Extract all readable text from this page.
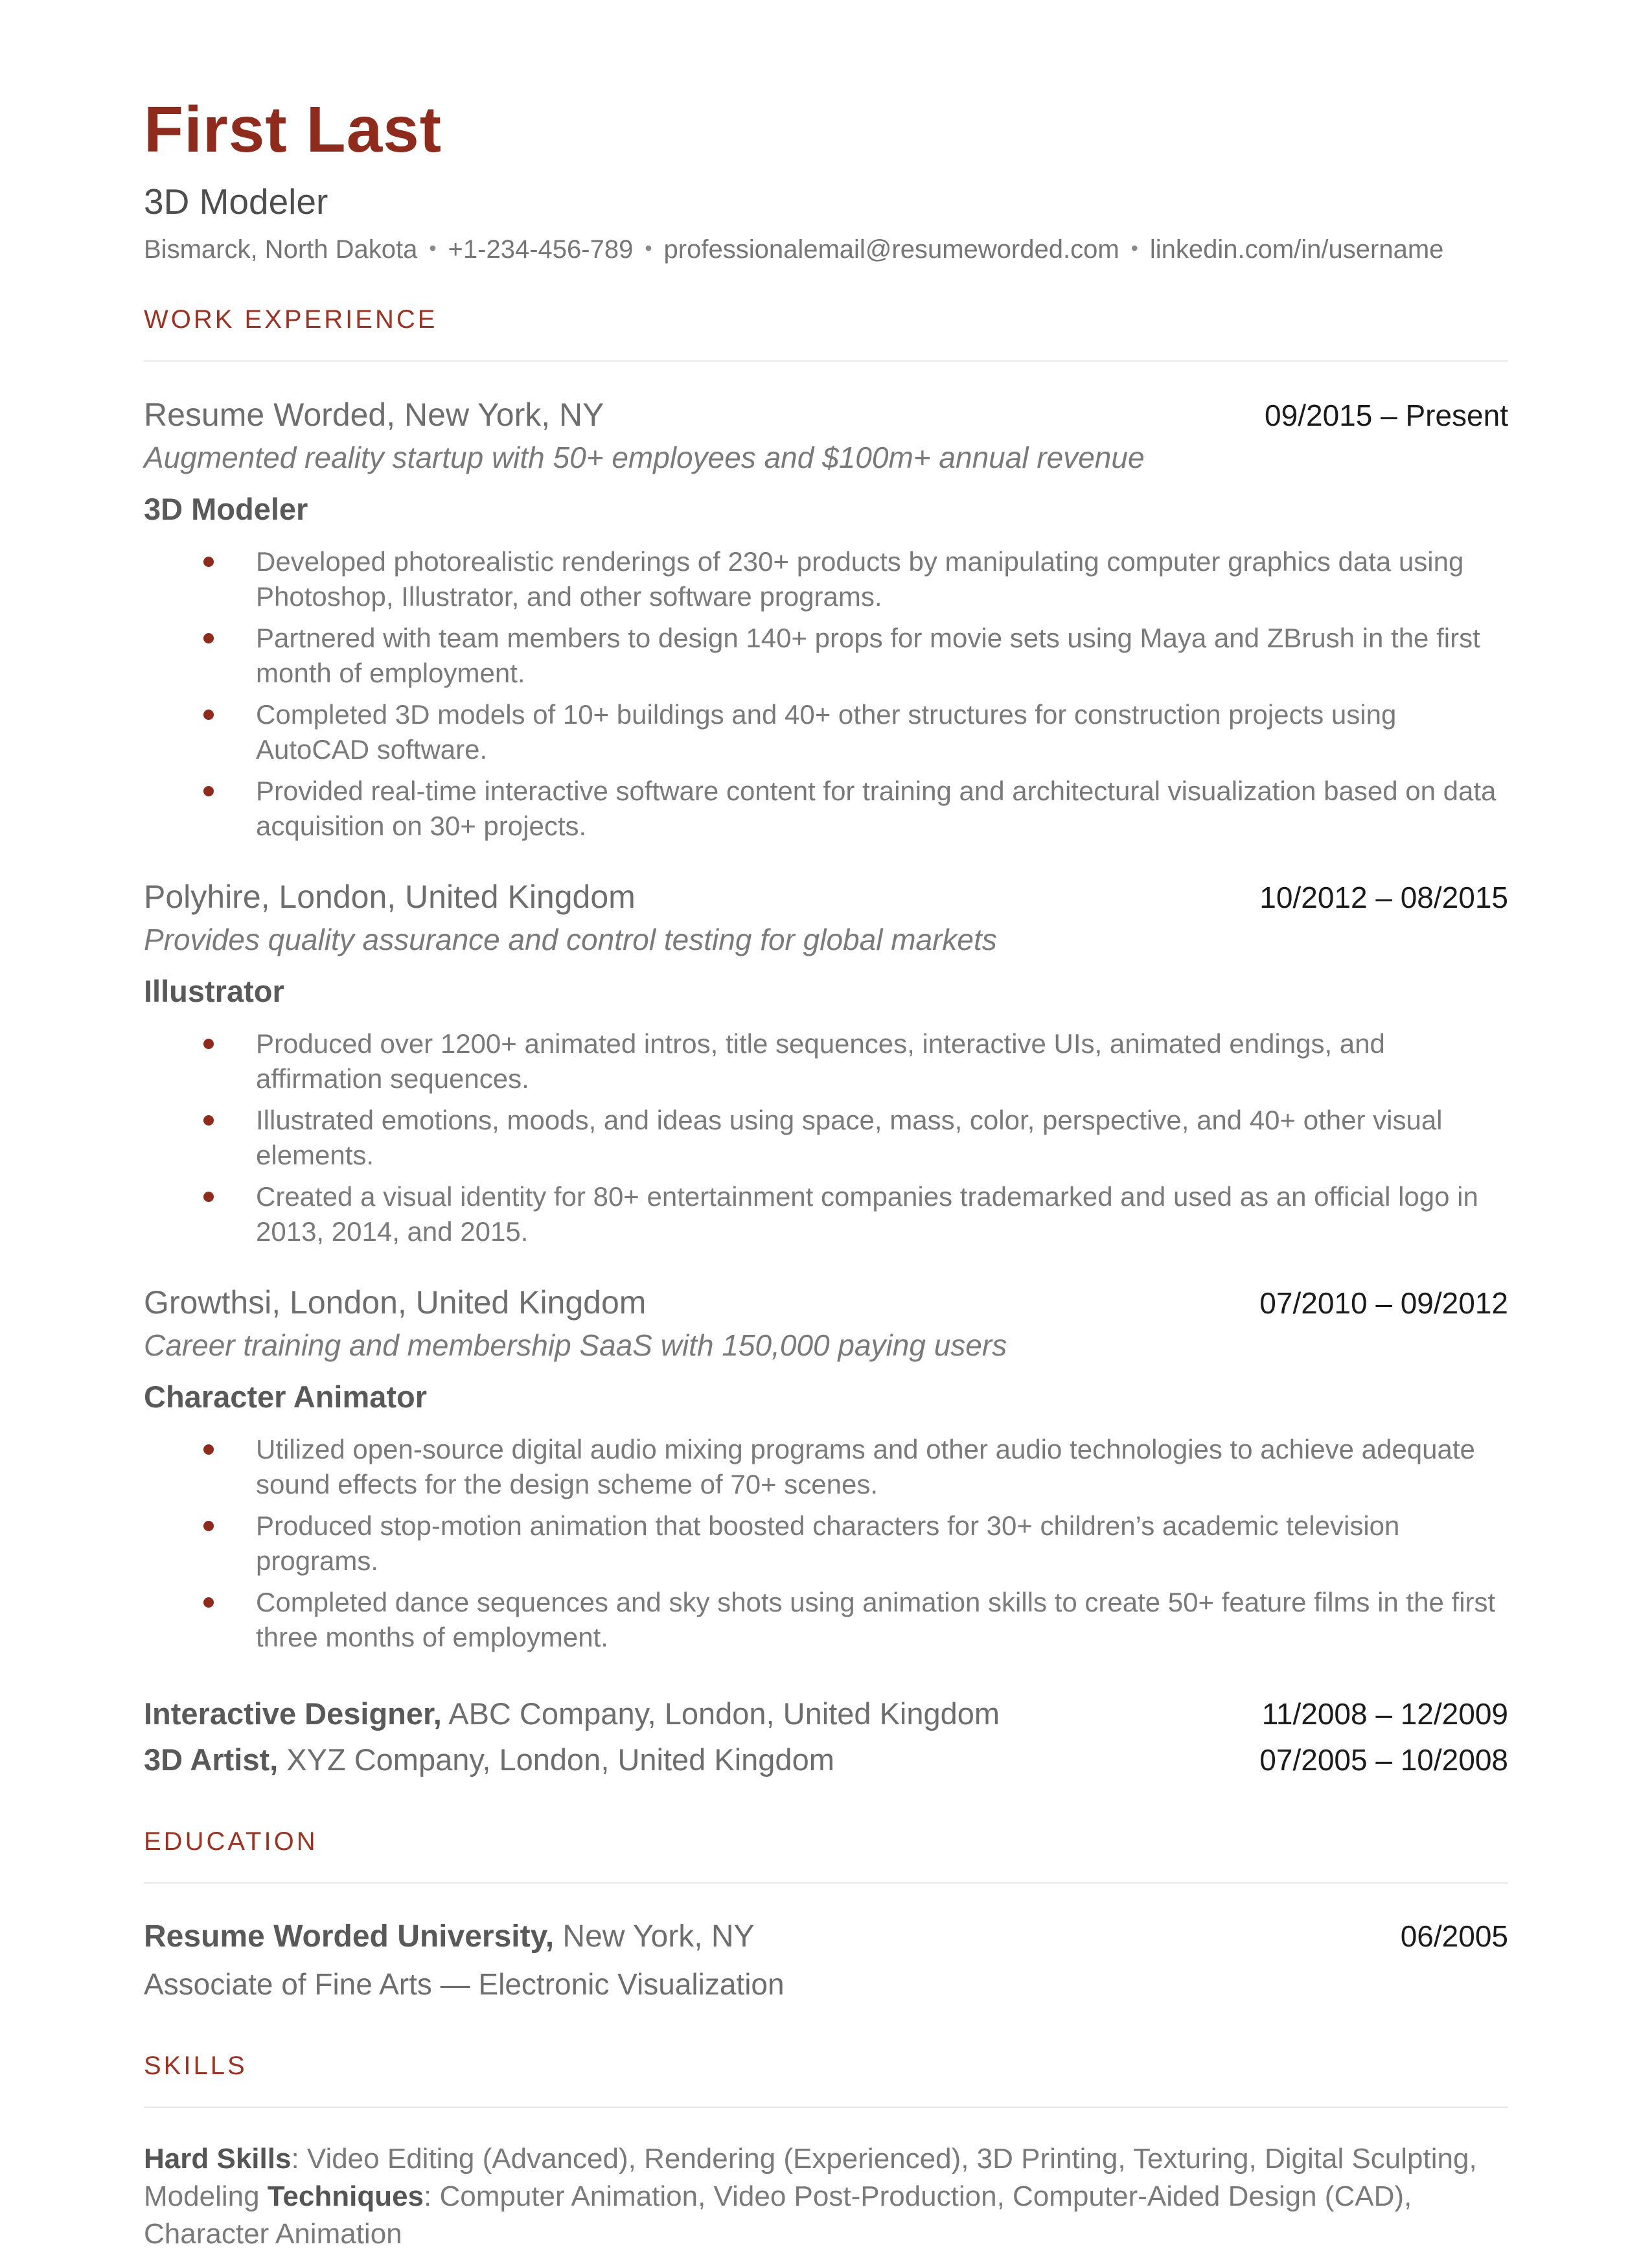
First Last
3D Modeler
Bismarck, North Dakota • +1-234-456-789 • professionalemail@resumeworded.com • linkedin.com/in/username
WORK EXPERIENCE
Resume Worded, New York, NY	09/2015 – Present
Augmented reality startup with 50+ employees and $100m+ annual revenue
3D Modeler
Developed photorealistic renderings of 230+ products by manipulating computer graphics data using Photoshop, Illustrator, and other software programs.
Partnered with team members to design 140+ props for movie sets using Maya and ZBrush in the first month of employment.
Completed 3D models of 10+ buildings and 40+ other structures for construction projects using AutoCAD software.
Provided real-time interactive software content for training and architectural visualization based on data acquisition on 30+ projects.
Polyhire, London, United Kingdom	10/2012 – 08/2015
Provides quality assurance and control testing for global markets
Illustrator
Produced over 1200+ animated intros, title sequences, interactive UIs, animated endings, and affirmation sequences.
Illustrated emotions, moods, and ideas using space, mass, color, perspective, and 40+ other visual elements.
Created a visual identity for 80+ entertainment companies trademarked and used as an official logo in 2013, 2014, and 2015.
Growthsi, London, United Kingdom	07/2010 – 09/2012
Career training and membership SaaS with 150,000 paying users
Character Animator
Utilized open-source digital audio mixing programs and other audio technologies to achieve adequate sound effects for the design scheme of 70+ scenes.
Produced stop-motion animation that boosted characters for 30+ children’s academic television programs.
Completed dance sequences and sky shots using animation skills to create 50+ feature films in the first three months of employment.
Interactive Designer, ABC Company, London, United Kingdom	11/2008 – 12/2009
3D Artist, XYZ Company, London, United Kingdom	07/2005 – 10/2008
EDUCATION
Resume Worded University, New York, NY	06/2005
Associate of Fine Arts — Electronic Visualization
SKILLS

Hard Skills: Video Editing (Advanced), Rendering (Experienced), 3D Printing, Texturing, Digital Sculpting, Modeling Techniques: Computer Animation, Video Post-Production, Computer-Aided Design (CAD), Character Animation
